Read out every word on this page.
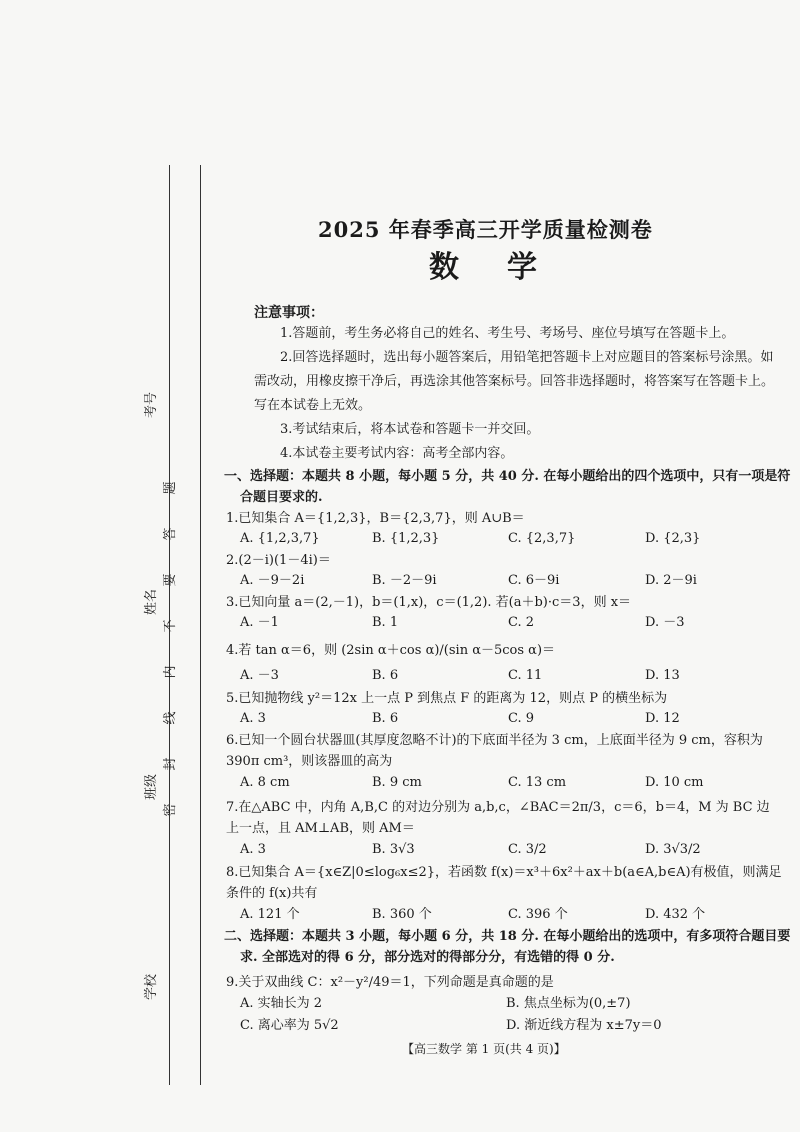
考号
姓名
班级
学校
题
答
要
不
内
线
封
密
2025 年春季高三开学质量检测卷
数学
注意事项：
1.答题前，考生务必将自己的姓名、考生号、考场号、座位号填写在答题卡上。
2.回答选择题时，选出每小题答案后，用铅笔把答题卡上对应题目的答案标号涂黑。如需改动，用橡皮擦干净后，再选涂其他答案标号。回答非选择题时，将答案写在答题卡上。写在本试卷上无效。
3.考试结束后，将本试卷和答题卡一并交回。
4.本试卷主要考试内容：高考全部内容。
一、选择题：本题共 8 小题，每小题 5 分，共 40 分. 在每小题给出的四个选项中，只有一项是符合题目要求的.
1.已知集合 A＝{1,2,3}，B＝{2,3,7}，则 A∪B＝
A. {1,2,3,7}	B. {1,2,3}	C. {2,3,7}	D. {2,3}
2.(2－i)(1－4i)＝
A. －9－2i	B. －2－9i	C. 6－9i	D. 2－9i
3.已知向量 a＝(2,－1)，b＝(1,x)，c＝(1,2). 若(a＋b)·c＝3，则 x＝
A. －1	B. 1	C. 2	D. －3
4.若 tan α＝6，则 (2sin α＋cos α)/(sin α－5cos α)＝
A. －3	B. 6	C. 11	D. 13
5.已知抛物线 y²＝12x 上一点 P 到焦点 F 的距离为 12，则点 P 的横坐标为
A. 3	B. 6	C. 9	D. 12
6.已知一个圆台状器皿(其厚度忽略不计)的下底面半径为 3 cm，上底面半径为 9 cm，容积为 390π cm³，则该器皿的高为
A. 8 cm	B. 9 cm	C. 13 cm	D. 10 cm
7.在△ABC 中，内角 A,B,C 的对边分别为 a,b,c，∠BAC＝2π/3，c＝6，b＝4，M 为 BC 边上一点，且 AM⊥AB，则 AM＝
A. 3	B. 3√3	C. 3/2	D. 3√3/2
8.已知集合 A＝{x∈Z|0≤log₆x≤2}，若函数 f(x)＝x³＋6x²＋ax＋b(a∈A,b∈A)有极值，则满足条件的 f(x)共有
A. 121 个	B. 360 个	C. 396 个	D. 432 个
二、选择题：本题共 3 小题，每小题 6 分，共 18 分. 在每小题给出的选项中，有多项符合题目要求. 全部选对的得 6 分，部分选对的得部分分，有选错的得 0 分.
9.关于双曲线 C：x²－y²/49＝1，下列命题是真命题的是
A. 实轴长为 2	B. 焦点坐标为(0,±7)
C. 离心率为 5√2	D. 渐近线方程为 x±7y＝0
【高三数学 第 1 页(共 4 页)】
